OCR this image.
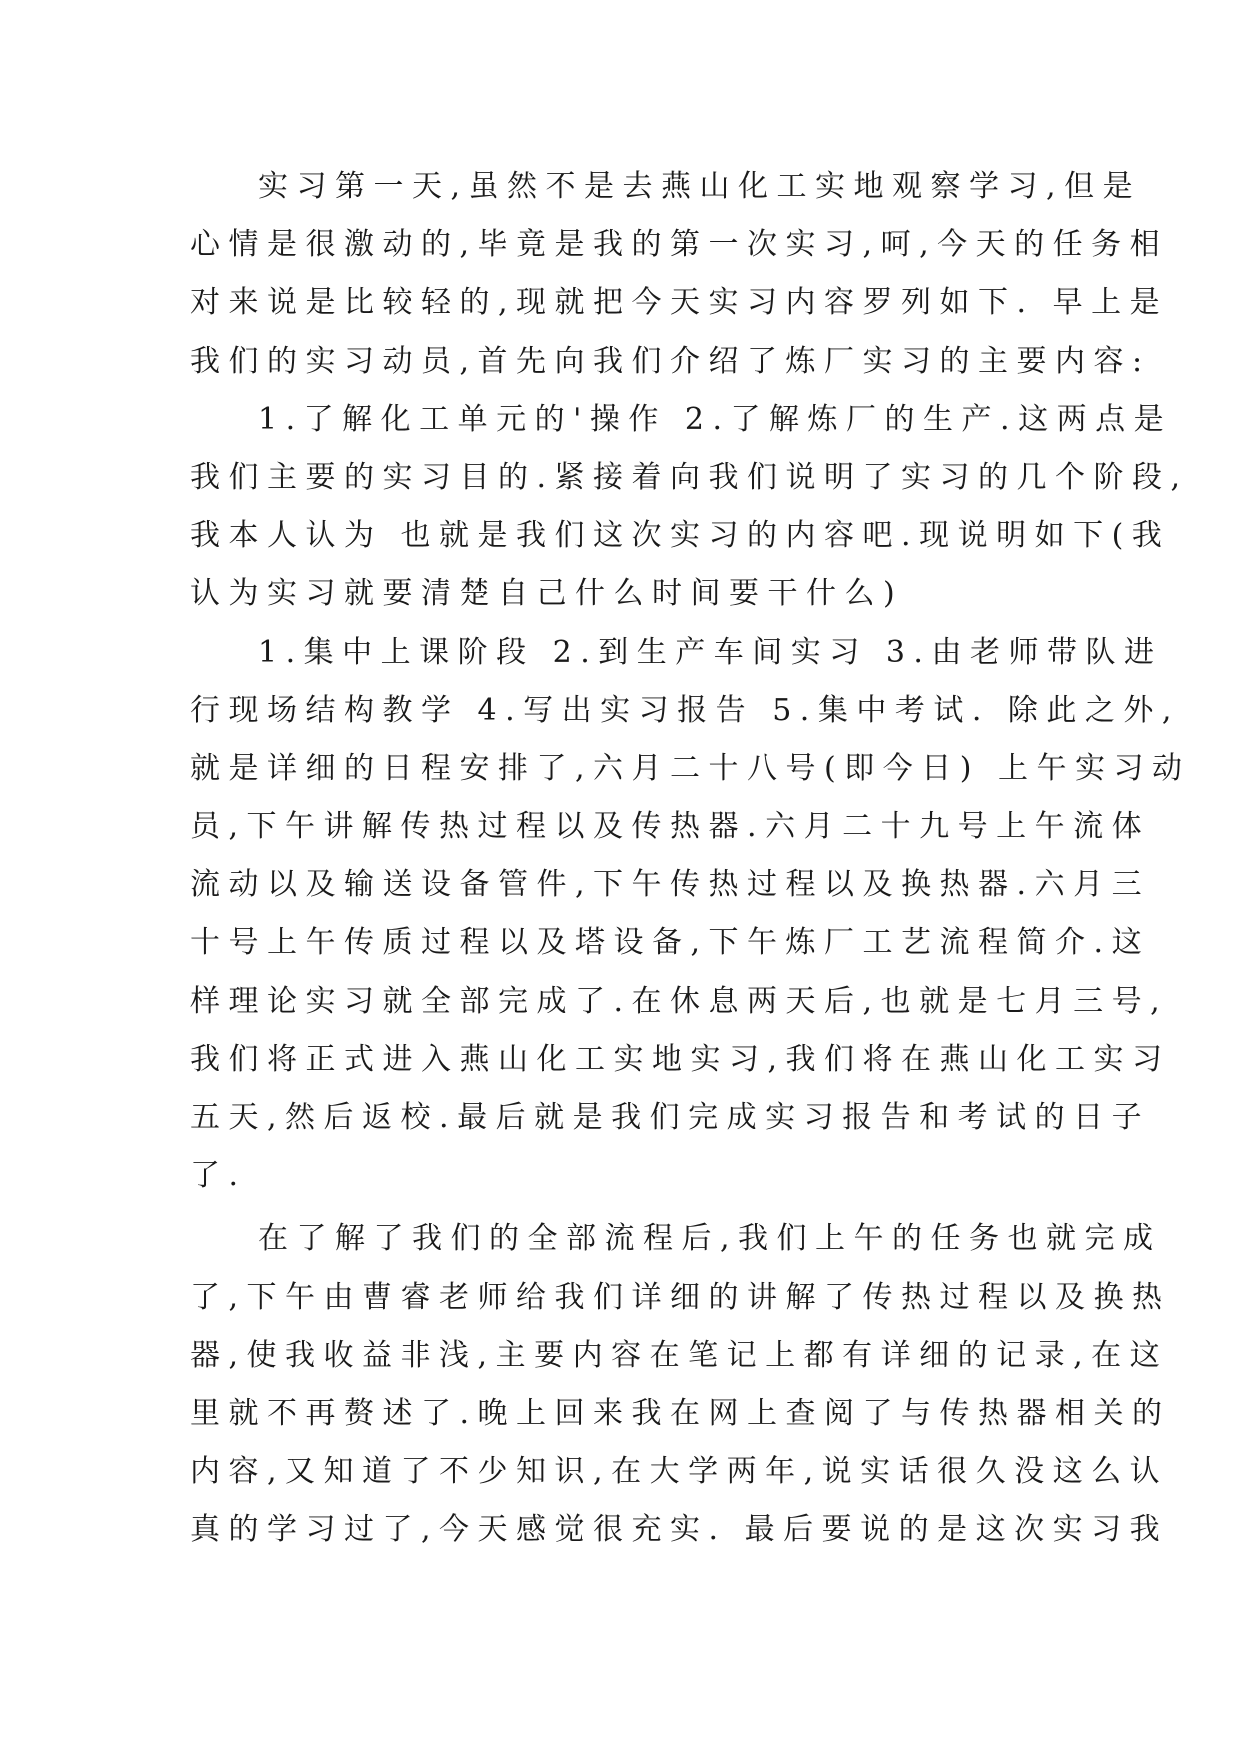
实习第一天,虽然不是去燕山化工实地观察学习,但是
心情是很激动的,毕竟是我的第一次实习,呵,今天的任务相
对来说是比较轻的,现就把今天实习内容罗列如下. 早上是
我们的实习动员,首先向我们介绍了炼厂实习的主要内容:
1.了解化工单元的'操作 2.了解炼厂的生产.这两点是
我们主要的实习目的.紧接着向我们说明了实习的几个阶段,
我本人认为 也就是我们这次实习的内容吧.现说明如下(我
认为实习就要清楚自己什么时间要干什么)
1.集中上课阶段 2.到生产车间实习 3.由老师带队进
行现场结构教学 4.写出实习报告 5.集中考试. 除此之外,
就是详细的日程安排了,六月二十八号(即今日) 上午实习动
员,下午讲解传热过程以及传热器.六月二十九号上午流体
流动以及输送设备管件,下午传热过程以及换热器.六月三
十号上午传质过程以及塔设备,下午炼厂工艺流程简介.这
样理论实习就全部完成了.在休息两天后,也就是七月三号,
我们将正式进入燕山化工实地实习,我们将在燕山化工实习
五天,然后返校.最后就是我们完成实习报告和考试的日子
了.
在了解了我们的全部流程后,我们上午的任务也就完成
了,下午由曹睿老师给我们详细的讲解了传热过程以及换热
器,使我收益非浅,主要内容在笔记上都有详细的记录,在这
里就不再赘述了.晚上回来我在网上查阅了与传热器相关的
内容,又知道了不少知识,在大学两年,说实话很久没这么认
真的学习过了,今天感觉很充实. 最后要说的是这次实习我
